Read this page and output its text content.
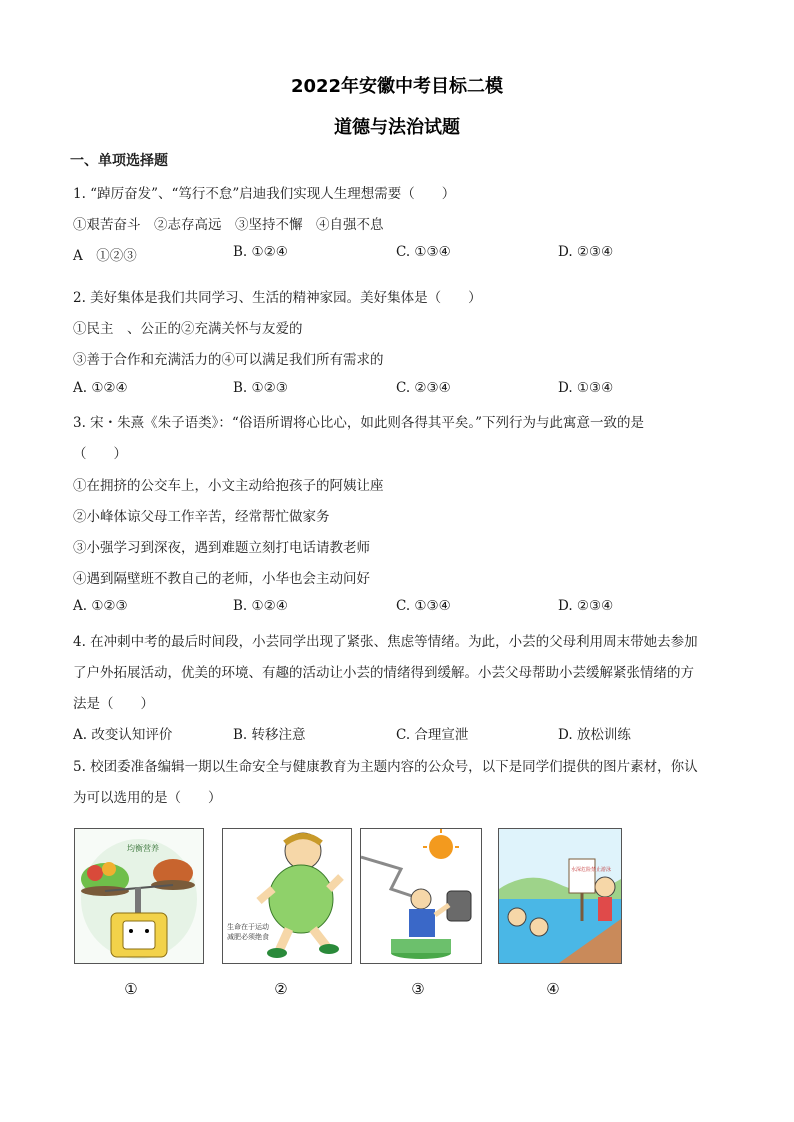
2022年安徽中考目标二模
道德与法治试题
一、单项选择题
1. “踔厉奋发”、“笃行不怠”启迪我们实现人生理想需要（　　）
①艰苦奋斗　②志存高远　③坚持不懈　④自强不息
A　①②③	B. ①②④	C. ①③④	D. ②③④
2. 美好集体是我们共同学习、生活的精神家园。美好集体是（　　）
①民主　、公正的②充满关怀与友爱的
③善于合作和充满活力的④可以满足我们所有需求的
A. ①②④	B. ①②③	C. ②③④	D. ①③④
3. 宋・朱熹《朱子语类》：“俗语所谓将心比心，如此则各得其平矣。”下列行为与此寓意一致的是
（　　）
①在拥挤的公交车上，小文主动给抱孩子的阿姨让座
②小峰体谅父母工作辛苦，经常帮忙做家务
③小强学习到深夜，遇到难题立刻打电话请教老师
④遇到隔壁班不教自己的老师，小华也会主动问好
A. ①②③	B. ①②④	C. ①③④	D. ②③④
4. 在冲刺中考的最后时间段，小芸同学出现了紧张、焦虑等情绪。为此，小芸的父母利用周末带她去参加
了户外拓展活动，优美的环境、有趣的活动让小芸的情绪得到缓解。小芸父母帮助小芸缓解紧张情绪的方
法是（　　）
A. 改变认知评价	B. 转移注意	C. 合理宣泄	D. 放松训练
5. 校团委准备编辑一期以生命安全与健康教育为主题内容的公众号，以下是同学们提供的图片素材，你认
为可以选用的是（　　）
均衡营养
①
生命在于运动
减肥必须绝食
②	③
水深危险禁止游泳
④
